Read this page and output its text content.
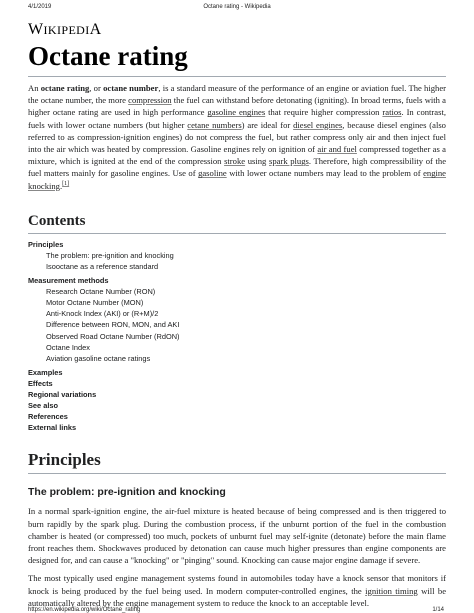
4/1/2019	Octane rating - Wikipedia
WIKIPEDIA
Octane rating

An octane rating, or octane number, is a standard measure of the performance of an engine or aviation fuel. The higher the octane number, the more compression the fuel can withstand before detonating (igniting). In broad terms, fuels with a higher octane rating are used in high performance gasoline engines that require higher compression ratios. In contrast, fuels with lower octane numbers (but higher cetane numbers) are ideal for diesel engines, because diesel engines (also referred to as compression-ignition engines) do not compress the fuel, but rather compress only air and then inject fuel into the air which was heated by compression. Gasoline engines rely on ignition of air and fuel compressed together as a mixture, which is ignited at the end of the compression stroke using spark plugs. Therefore, high compressibility of the fuel matters mainly for gasoline engines. Use of gasoline with lower octane numbers may lead to the problem of engine knocking.[1]

Contents
Principles
The problem: pre-ignition and knocking
Isooctane as a reference standard
Measurement methods
Research Octane Number (RON)
Motor Octane Number (MON)
Anti-Knock Index (AKI) or (R+M)/2
Difference between RON, MON, and AKI
Observed Road Octane Number (RdON)
Octane Index
Aviation gasoline octane ratings
Examples
Effects
Regional variations
See also
References
External links
Principles
The problem: pre-ignition and knocking

In a normal spark-ignition engine, the air-fuel mixture is heated because of being compressed and is then triggered to burn rapidly by the spark plug. During the combustion process, if the unburnt portion of the fuel in the combustion chamber is heated (or compressed) too much, pockets of unburnt fuel may self-ignite (detonate) before the main flame front reaches them. Shockwaves produced by detonation can cause much higher pressures than engine components are designed for, and can cause a "knocking" or "pinging" sound. Knocking can cause major engine damage if severe.

The most typically used engine management systems found in automobiles today have a knock sensor that monitors if knock is being produced by the fuel being used. In modern computer-controlled engines, the ignition timing will be automatically altered by the engine management system to reduce the knock to an acceptable level.

https://en.wikipedia.org/wiki/Octane_rating	1/14
